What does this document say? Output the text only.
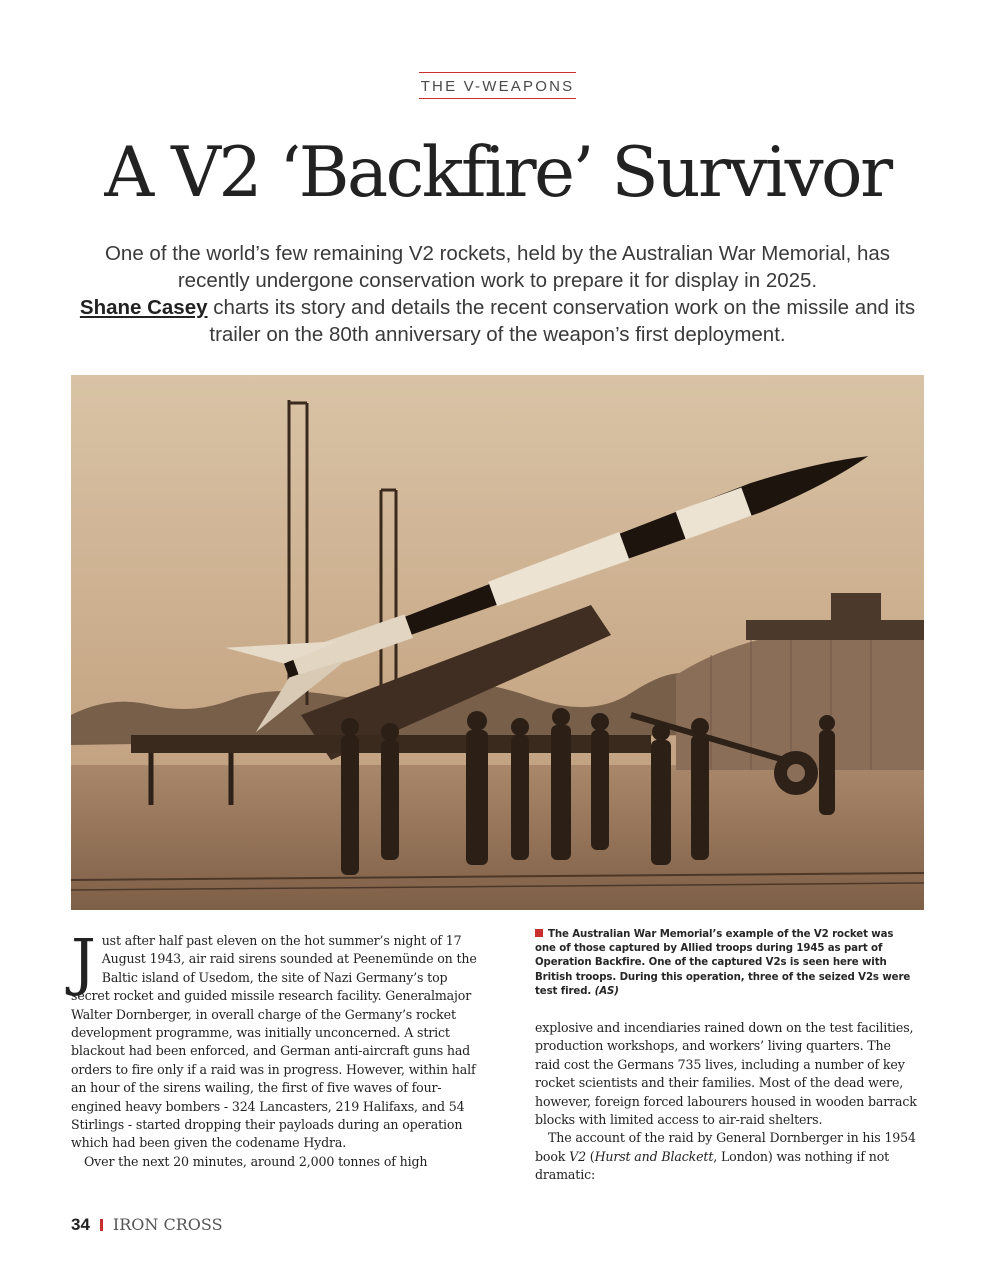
THE V-WEAPONS
A V2 ‘Backfire’ Survivor

One of the world’s few remaining V2 rockets, held by the Australian War Memorial, has recently undergone conservation work to prepare it for display in 2025.
Shane Casey charts its story and details the recent conservation work on the missile and its trailer on the 80th anniversary of the weapon’s first deployment.

Just after half past eleven on the hot summer’s night of 17 August 1943, air raid sirens sounded at Peenemünde on the Baltic island of Usedom, the site of Nazi Germany’s top secret rocket and guided missile research facility. Generalmajor Walter Dornberger, in overall charge of the Germany’s rocket development programme, was initially unconcerned. A strict blackout had been enforced, and German anti-aircraft guns had orders to fire only if a raid was in progress. However, within half an hour of the sirens wailing, the first of five waves of four-engined heavy bombers - 324 Lancasters, 219 Halifaxs, and 54 Stirlings - started dropping their payloads during an operation which had been given the codename Hydra.

Over the next 20 minutes, around 2,000 tonnes of high

The Australian War Memorial’s example of the V2 rocket was one of those captured by Allied troops during 1945 as part of Operation Backfire. One of the captured V2s is seen here with British troops. During this operation, three of the seized V2s were test fired. (AS)

explosive and incendiaries rained down on the test facilities, production workshops, and workers’ living quarters. The raid cost the Germans 735 lives, including a number of key rocket scientists and their families. Most of the dead were, however, foreign forced labourers housed in wooden barrack blocks with limited access to air-raid shelters.

The account of the raid by General Dornberger in his 1954 book V2 (Hurst and Blackett, London) was nothing if not dramatic:

34 IRON CROSS
